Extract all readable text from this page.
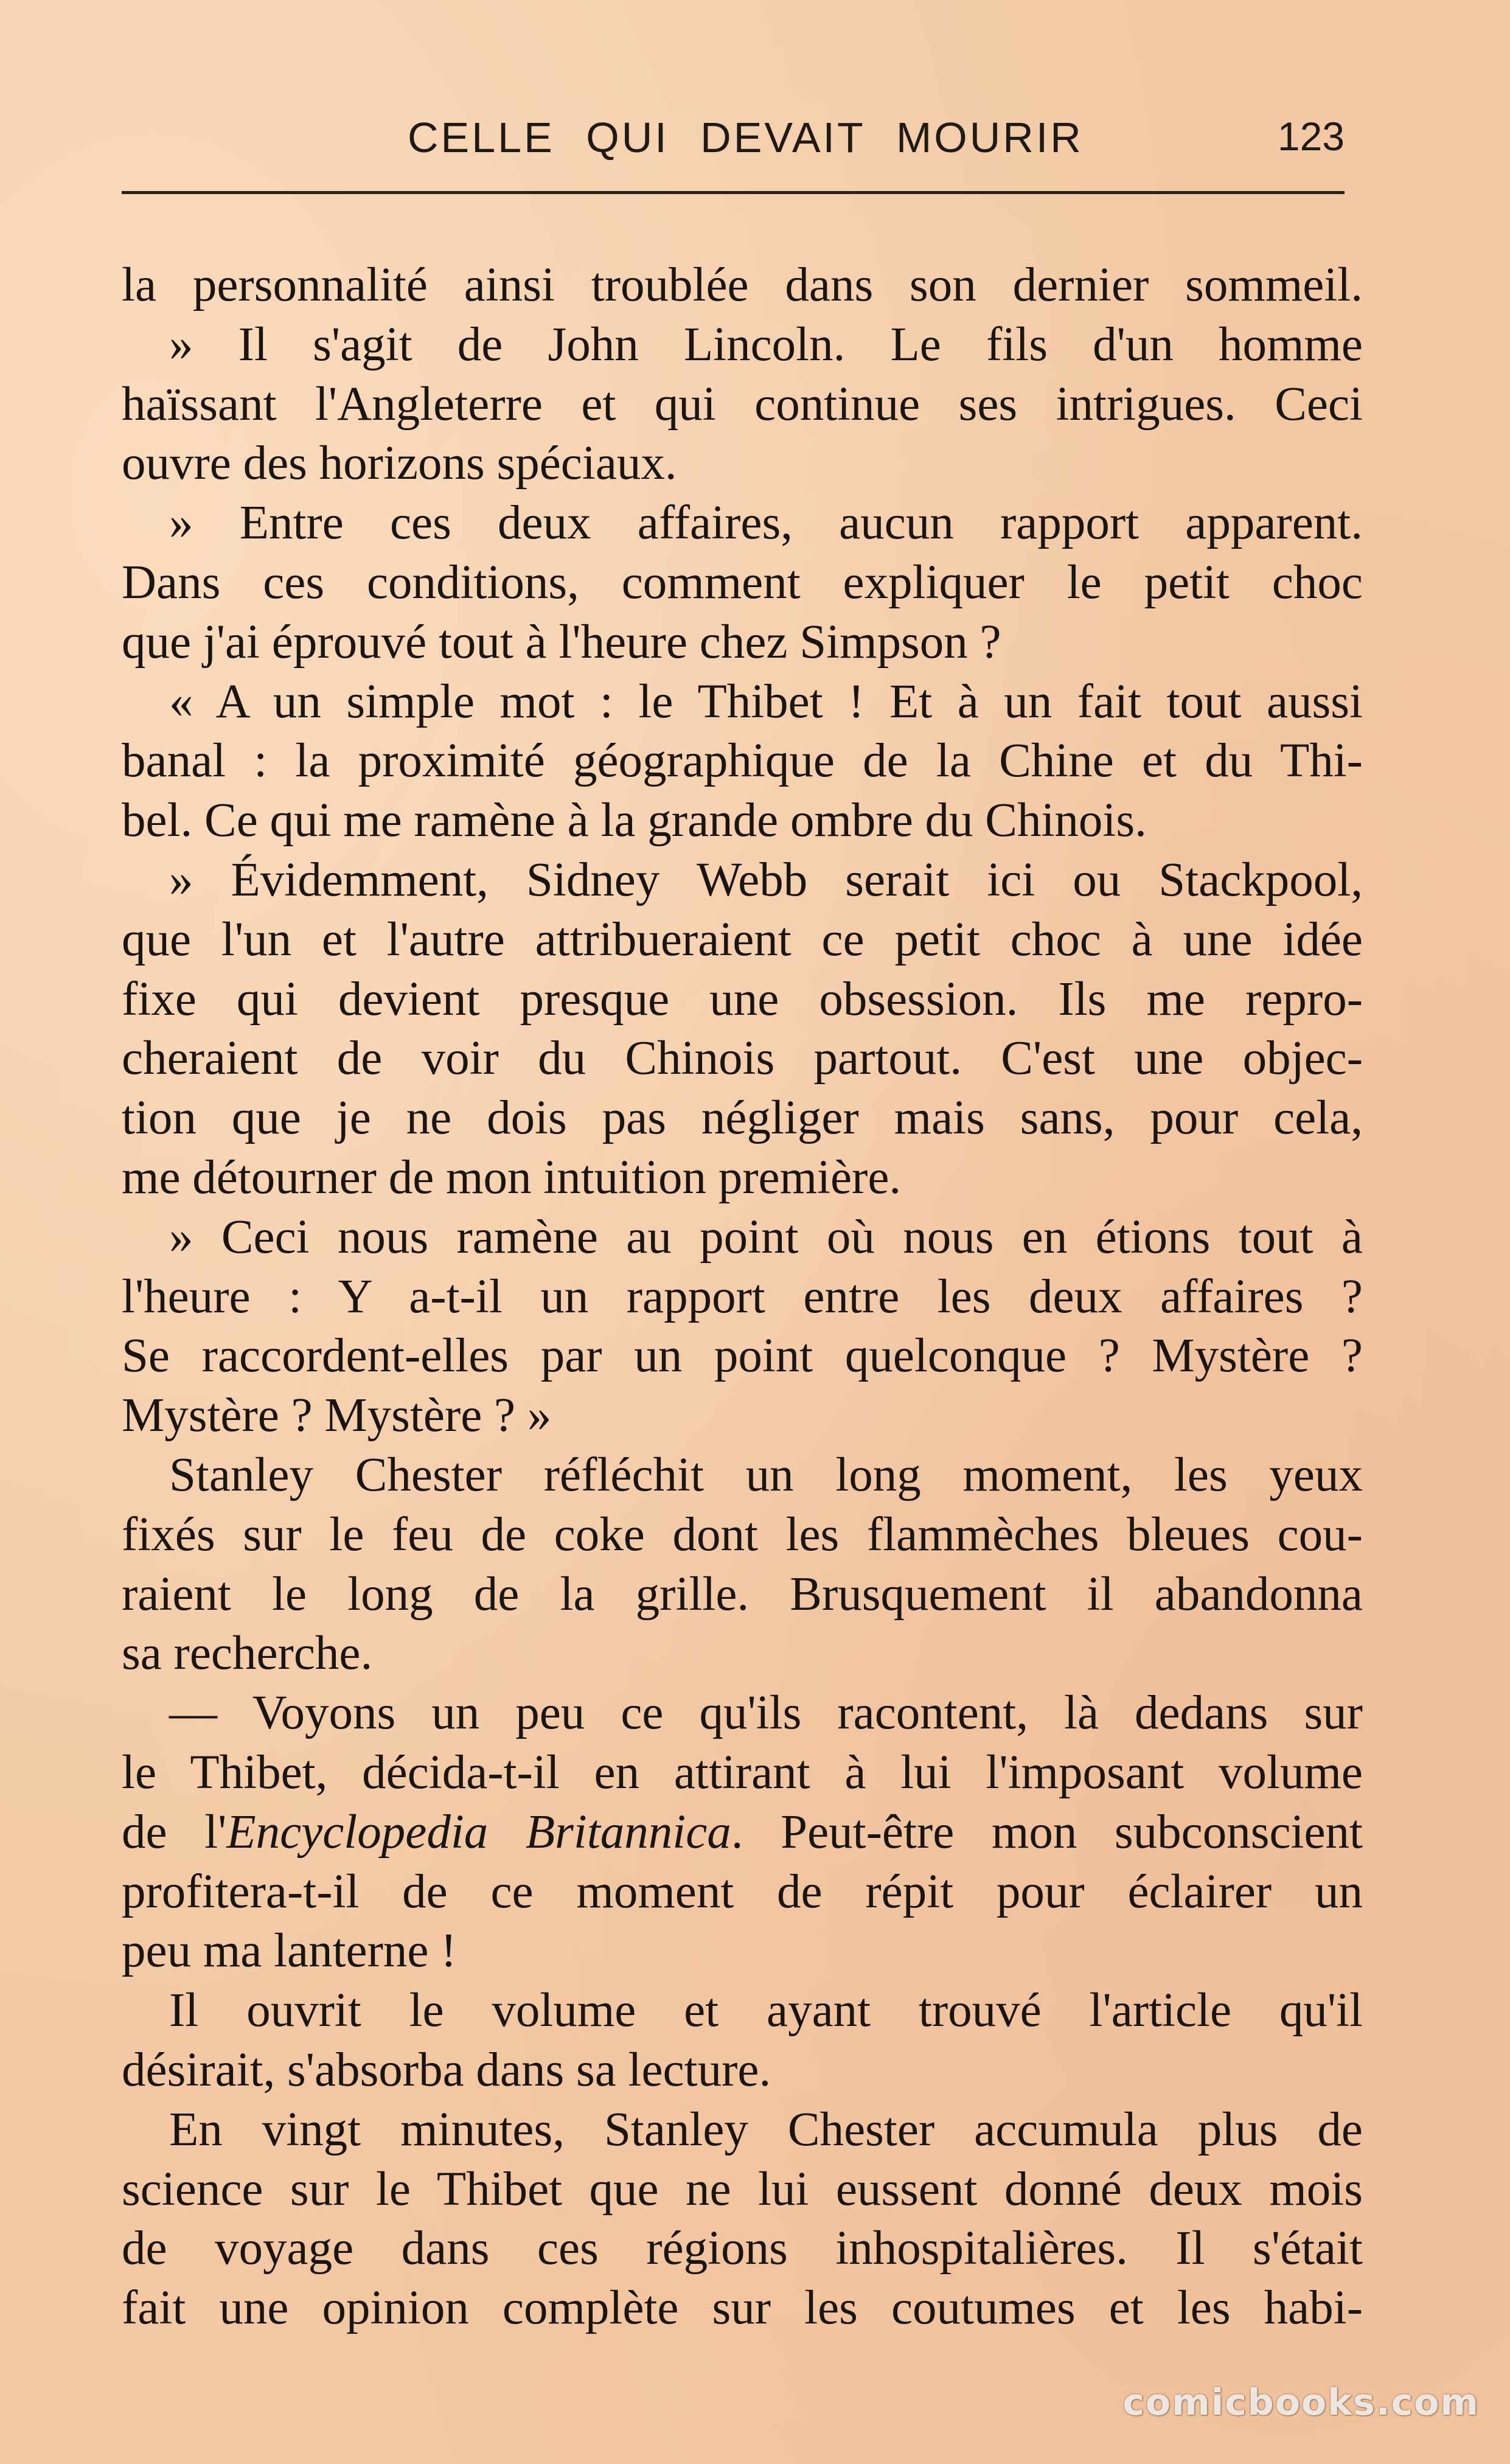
CELLE QUI DEVAIT MOURIR	123
la personnalité ainsi troublée dans son dernier sommeil.
» Il s'agit de John Lincoln. Le fils d'un homme
haïssant l'Angleterre et qui continue ses intrigues. Ceci
ouvre des horizons spéciaux.
» Entre ces deux affaires, aucun rapport apparent.
Dans ces conditions, comment expliquer le petit choc
que j'ai éprouvé tout à l'heure chez Simpson ?
« A un simple mot : le Thibet ! Et à un fait tout aussi
banal : la proximité géographique de la Chine et du Thi-
bel. Ce qui me ramène à la grande ombre du Chinois.
» Évidemment, Sidney Webb serait ici ou Stackpool,
que l'un et l'autre attribueraient ce petit choc à une idée
fixe qui devient presque une obsession. Ils me repro-
cheraient de voir du Chinois partout. C'est une objec-
tion que je ne dois pas négliger mais sans, pour cela,
me détourner de mon intuition première.
» Ceci nous ramène au point où nous en étions tout à
l'heure : Y a-t-il un rapport entre les deux affaires ?
Se raccordent-elles par un point quelconque ? Mystère ?
Mystère ? Mystère ? »
Stanley Chester réfléchit un long moment, les yeux
fixés sur le feu de coke dont les flammèches bleues cou-
raient le long de la grille. Brusquement il abandonna
sa recherche.
— Voyons un peu ce qu'ils racontent, là dedans sur
le Thibet, décida-t-il en attirant à lui l'imposant volume
de l'Encyclopedia Britannica. Peut-être mon subconscient
profitera-t-il de ce moment de répit pour éclairer un
peu ma lanterne !
Il ouvrit le volume et ayant trouvé l'article qu'il
désirait, s'absorba dans sa lecture.
En vingt minutes, Stanley Chester accumula plus de
science sur le Thibet que ne lui eussent donné deux mois
de voyage dans ces régions inhospitalières. Il s'était
fait une opinion complète sur les coutumes et les habi-
comicbooks.com
